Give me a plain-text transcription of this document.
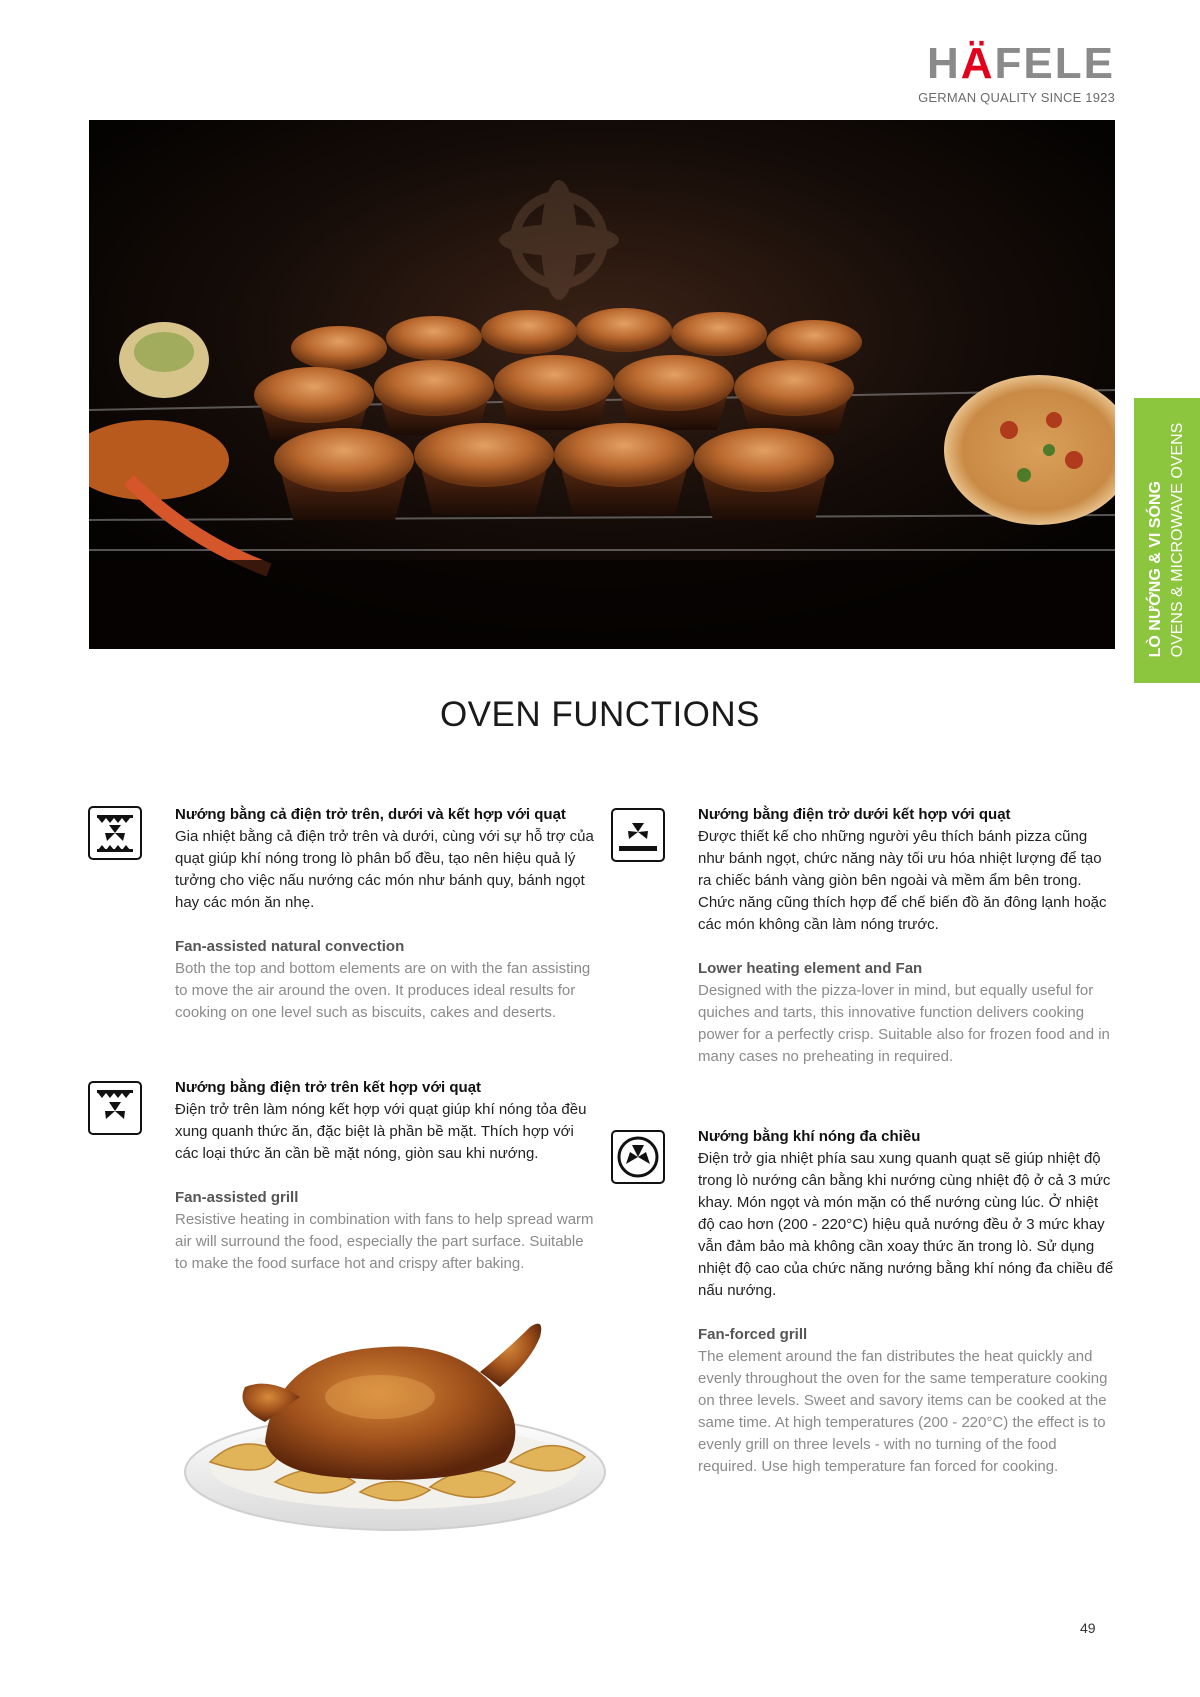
HÄFELE
GERMAN QUALITY SINCE 1923
LÒ NƯỚNG & VI SÓNG OVENS & MICROWAVE OVENS
OVEN FUNCTIONS

Nướng bằng cả điện trở trên, dưới và kết hợp với quạt

Gia nhiệt bằng cả điện trở trên và dưới, cùng với sự hỗ trợ của quạt giúp khí nóng trong lò phân bổ đều, tạo nên hiệu quả lý tưởng cho việc nấu nướng các món như bánh quy, bánh ngọt hay các món ăn nhẹ.

Fan-assisted natural convection

Both the top and bottom elements are on with the fan assisting to move the air around the oven. It produces ideal results for cooking on one level such as biscuits, cakes and deserts.

Nướng bằng điện trở dưới kết hợp với quạt

Được thiết kế cho những người yêu thích bánh pizza cũng như bánh ngọt, chức năng này tối ưu hóa nhiệt lượng để tạo ra chiếc bánh vàng giòn bên ngoài và mềm ẩm bên trong. Chức năng cũng thích hợp để chế biến đồ ăn đông lạnh hoặc các món không cần làm nóng trước.

Lower heating element and Fan

Designed with the pizza-lover in mind, but equally useful for quiches and tarts, this innovative function delivers cooking power for a perfectly crisp. Suitable also for frozen food and in many cases no preheating in required.

Nướng bằng điện trở trên kết hợp với quạt

Điện trở trên làm nóng kết hợp với quạt giúp khí nóng tỏa đều xung quanh thức ăn, đặc biệt là phần bề mặt. Thích hợp với các loại thức ăn cần bề mặt nóng, giòn sau khi nướng.

Fan-assisted grill

Resistive heating in combination with fans to help spread warm air will surround the food, especially the part surface. Suitable to make the food surface hot and crispy after baking.

Nướng bằng khí nóng đa chiều

Điện trở gia nhiệt phía sau xung quanh quạt sẽ giúp nhiệt độ trong lò nướng cân bằng khi nướng cùng nhiệt độ ở cả 3 mức khay. Món ngọt và món mặn có thể nướng cùng lúc. Ở nhiệt độ cao hơn (200 - 220°C) hiệu quả nướng đều ở 3 mức khay vẫn đảm bảo mà không cần xoay thức ăn trong lò. Sử dụng nhiệt độ cao của chức năng nướng bằng khí nóng đa chiều để nấu nướng.

Fan-forced grill

The element around the fan distributes the heat quickly and evenly throughout the oven for the same temperature cooking on three levels. Sweet and savory items can be cooked at the same time. At high temperatures (200 - 220°C) the effect is to evenly grill on three levels - with no turning of the food required. Use high temperature fan forced for cooking.

49
